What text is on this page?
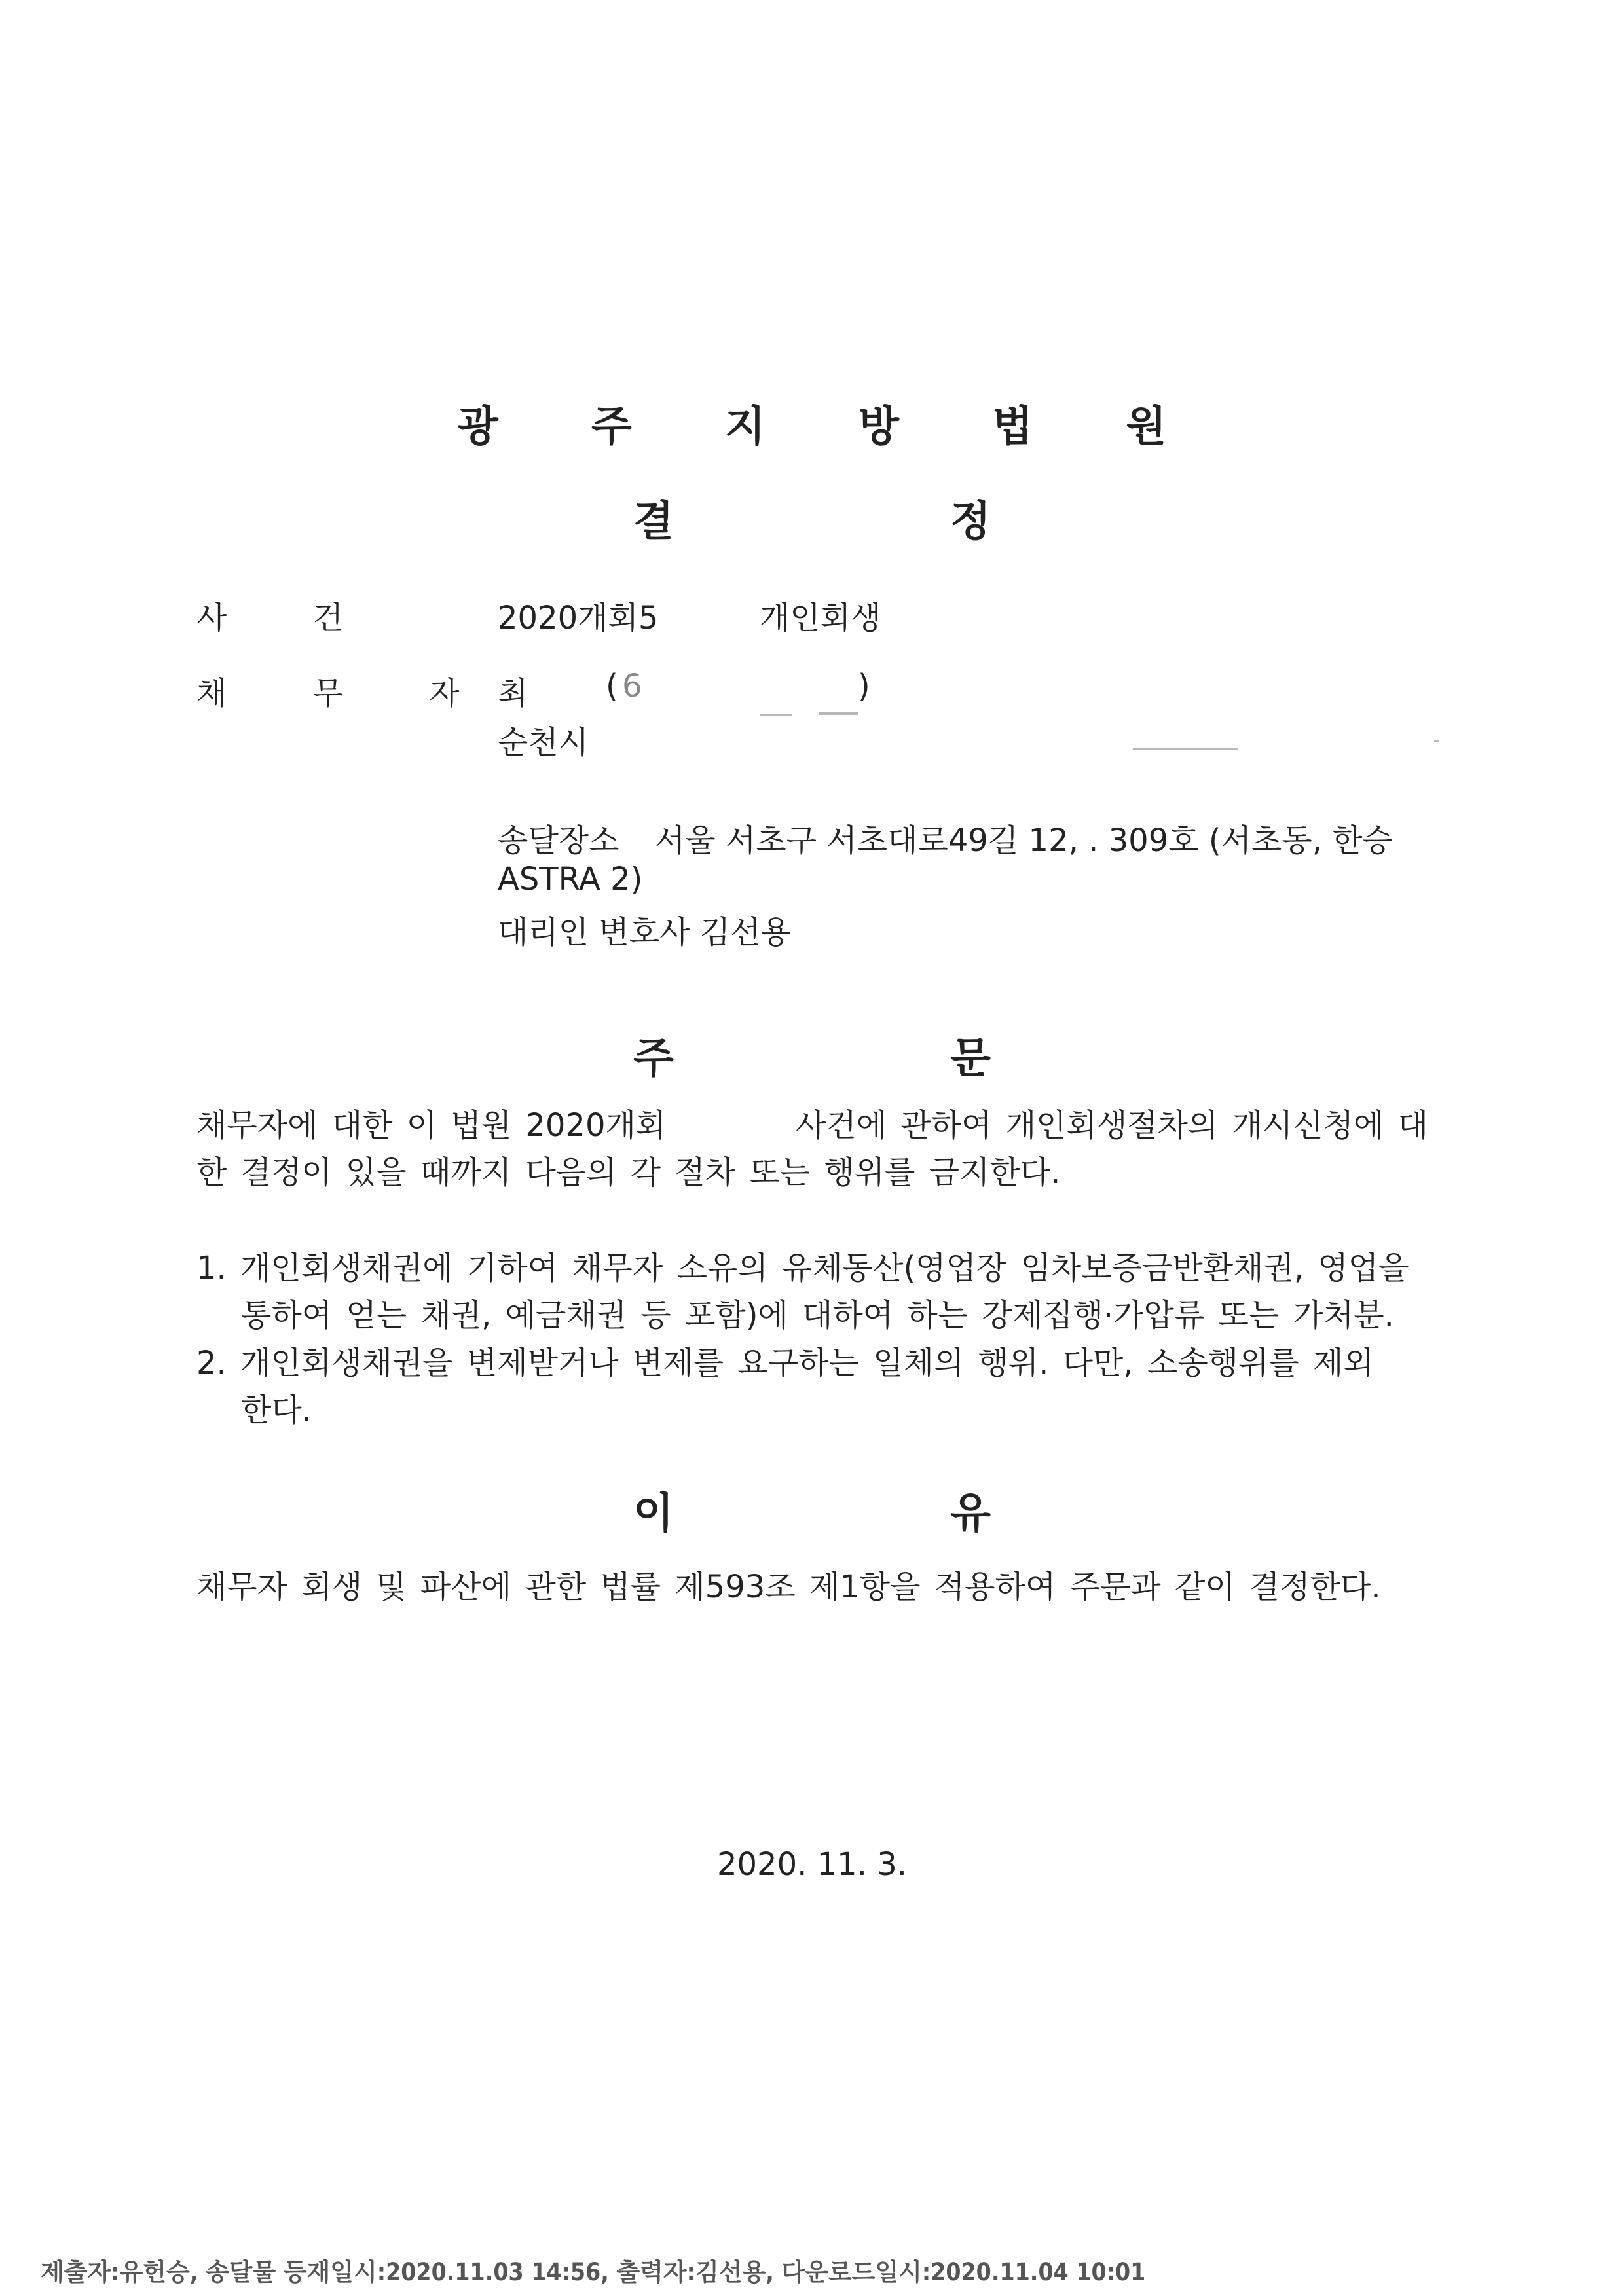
광 주 지 방 법 원
결 정
사 건	2020개회5	개인회생
채 무 자 최 ( 6	)
순천시
송달장소 서울 서초구 서초대로49길 12, . 309호 (서초동, 한승
ASTRA 2)
대리인 변호사 김선용
주 문
채무자에 대한 이 법원 2020개회	사건에 관하여 개인회생절차의 개시신청에 대
한 결정이 있을 때까지 다음의 각 절차 또는 행위를 금지한다.
1. 개인회생채권에 기하여 채무자 소유의 유체동산(영업장 임차보증금반환채권, 영업을
통하여 얻는 채권, 예금채권 등 포함)에 대하여 하는 강제집행·가압류 또는 가처분.
2. 개인회생채권을 변제받거나 변제를 요구하는 일체의 행위. 다만, 소송행위를 제외
한다.
이 유
채무자 회생 및 파산에 관한 법률 제593조 제1항을 적용하여 주문과 같이 결정한다.
2020. 11. 3.
제출자:유헌승, 송달물 등재일시:2020.11.03 14:56, 출력자:김선용, 다운로드일시:2020.11.04 10:01
